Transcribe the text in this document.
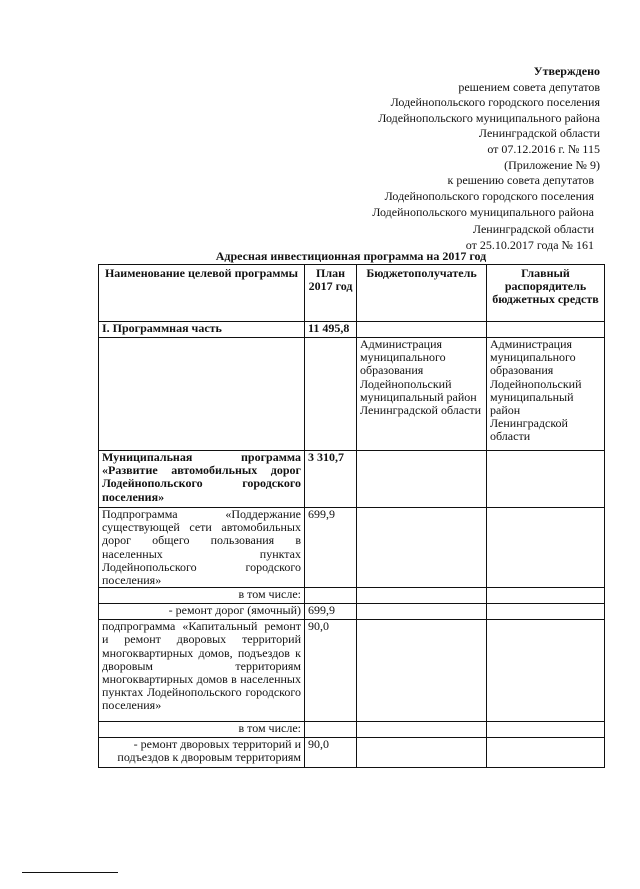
Утверждено
решением совета депутатов
Лодейнопольского городского поселения
Лодейнопольского муниципального района
Ленинградской области
от 07.12.2016 г. № 115
(Приложение № 9)
к решению совета депутатов
Лодейнопольского городского поселения
Лодейнопольского муниципального района
Ленинградской области
от 25.10.2017 года № 161
Адресная инвестиционная программа на 2017 год
Наименование целевой программы	План 2017 год	Бюджетополучатель	Главный распорядитель бюджетных средств
I. Программная часть	11 495,8		
		Администрация муниципального образования Лодейнопольский муниципальный район Ленинградской области	Администрация муниципального образования Лодейнопольский муниципальный район Ленинградской области
Муниципальная программа «Развитие автомобильных дорог Лодейнопольского городского поселения»	3 310,7		
Подпрограмма «Поддержание существующей сети автомобильных дорог общего пользования в населенных пунктах Лодейнопольского городского поселения»	699,9		
в том числе:			
- ремонт дорог (ямочный)	699,9		
подпрограмма «Капитальный ремонт и ремонт дворовых территорий многоквартирных домов, подъездов к дворовым территориям многоквартирных домов в населенных пунктах Лодейнопольского городского поселения»	90,0		
в том числе:			
- ремонт дворовых территорий и подъездов к дворовым территориям	90,0		
